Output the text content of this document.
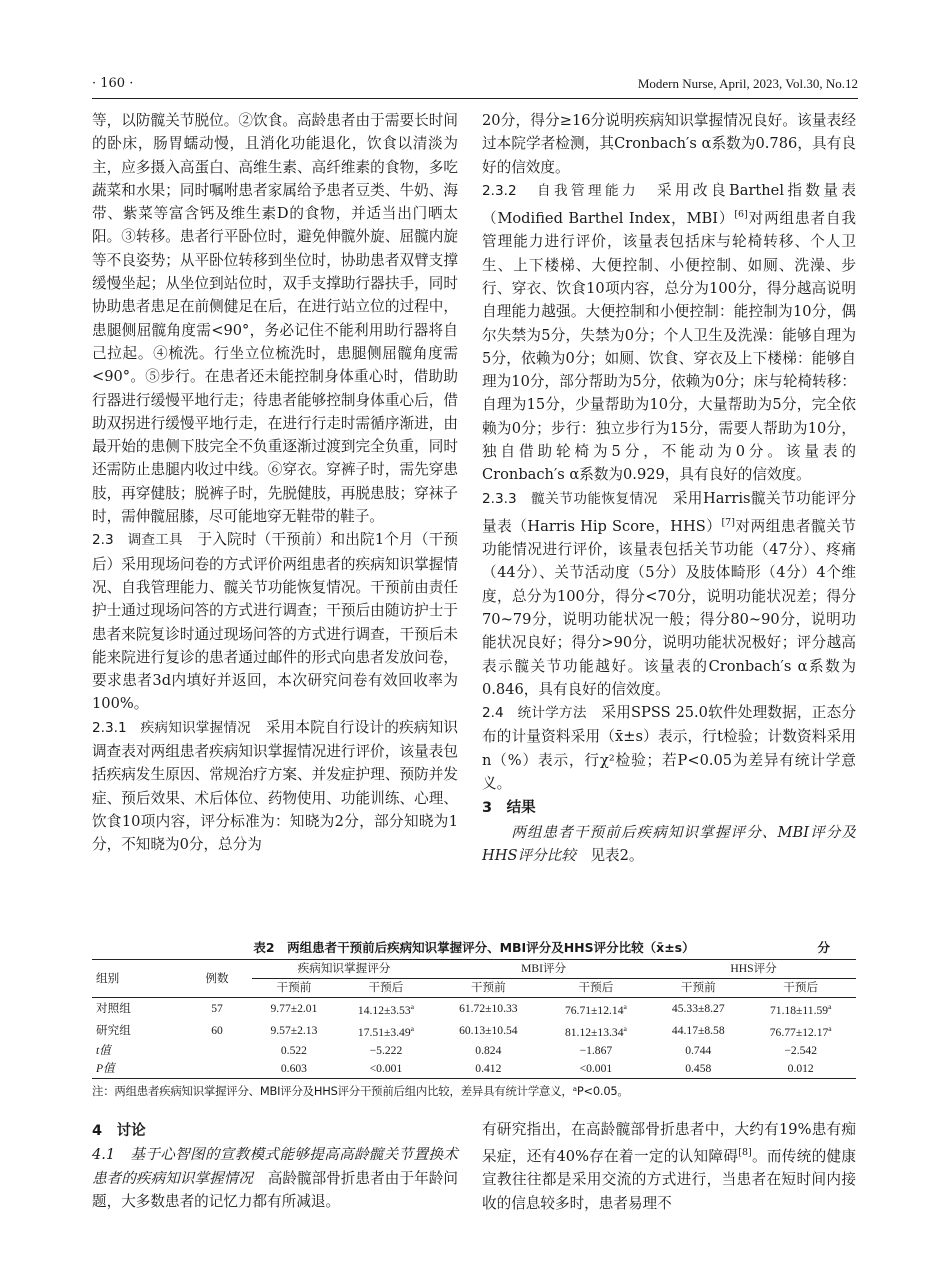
· 160 ·	Modern Nurse, April, 2023, Vol.30, No.12

等，以防髋关节脱位。②饮食。高龄患者由于需要长时间的卧床，肠胃蠕动慢，且消化功能退化，饮食以清淡为主，应多摄入高蛋白、高维生素、高纤维素的食物，多吃蔬菜和水果；同时嘱咐患者家属给予患者豆类、牛奶、海带、紫菜等富含钙及维生素D的食物，并适当出门晒太阳。③转移。患者行平卧位时，避免伸髋外旋、屈髋内旋等不良姿势；从平卧位转移到坐位时，协助患者双臂支撑缓慢坐起；从坐位到站位时，双手支撑助行器扶手，同时协助患者患足在前侧健足在后，在进行站立位的过程中，患腿侧屈髋角度需<90°，务必记住不能利用助行器将自己拉起。④梳洗。行坐立位梳洗时，患腿侧屈髋角度需<90°。⑤步行。在患者还未能控制身体重心时，借助助行器进行缓慢平地行走；待患者能够控制身体重心后，借助双拐进行缓慢平地行走，在进行行走时需循序渐进，由最开始的患侧下肢完全不负重逐渐过渡到完全负重，同时还需防止患腿内收过中线。⑥穿衣。穿裤子时，需先穿患肢，再穿健肢；脱裤子时，先脱健肢，再脱患肢；穿袜子时，需伸髋屈膝，尽可能地穿无鞋带的鞋子。

2.3　调查工具　 于入院时（干预前）和出院1个月（干预后）采用现场问卷的方式评价两组患者的疾病知识掌握情况、自我管理能力、髋关节功能恢复情况。干预前由责任护士通过现场问答的方式进行调查；干预后由随访护士于患者来院复诊时通过现场问答的方式进行调查，干预后未能来院进行复诊的患者通过邮件的形式向患者发放问卷，要求患者3d内填好并返回，本次研究问卷有效回收率为100%。

2.3.1　疾病知识掌握情况　 采用本院自行设计的疾病知识调查表对两组患者疾病知识掌握情况进行评价，该量表包括疾病发生原因、常规治疗方案、并发症护理、预防并发症、预后效果、术后体位、药物使用、功能训练、心理、饮食10项内容，评分标准为：知晓为2分，部分知晓为1分，不知晓为0分，总分为

20分，得分≥16分说明疾病知识掌握情况良好。该量表经过本院学者检测，其Cronbach′s α系数为0.786，具有良好的信效度。

2.3.2　自我管理能力　 采用改良Barthel指数量表（Modified Barthel Index，MBI）[6]对两组患者自我管理能力进行评价，该量表包括床与轮椅转移、个人卫生、上下楼梯、大便控制、小便控制、如厕、洗澡、步行、穿衣、饮食10项内容，总分为100分，得分越高说明自理能力越强。大便控制和小便控制：能控制为10分，偶尔失禁为5分，失禁为0分；个人卫生及洗澡：能够自理为5分，依赖为0分；如厕、饮食、穿衣及上下楼梯：能够自理为10分，部分帮助为5分，依赖为0分；床与轮椅转移：自理为15分，少量帮助为10分，大量帮助为5分，完全依赖为0分；步行：独立步行为15分，需要人帮助为10分，独自借助轮椅为5分，不能动为0分。该量表的Cronbach′s α系数为0.929，具有良好的信效度。

2.3.3　髋关节功能恢复情况　 采用Harris髋关节功能评分量表（Harris Hip Score，HHS）[7]对两组患者髋关节功能情况进行评价，该量表包括关节功能（47分）、疼痛（44分）、关节活动度（5分）及肢体畸形（4分）4个维度，总分为100分，得分<70分，说明功能状况差；得分70~79分，说明功能状况一般；得分80~90分，说明功能状况良好；得分>90分，说明功能状况极好；评分越高表示髋关节功能越好。该量表的Cronbach′s α系数为0.846，具有良好的信效度。

2.4　统计学方法　 采用SPSS 25.0软件处理数据，正态分布的计量资料采用（x̄±s）表示，行t检验；计数资料采用n（%）表示，行χ²检验；若P<0.05为差异有统计学意义。

3　结果

两组患者干预前后疾病知识掌握评分、MBI评分及HHS评分比较　 见表2。

表2　两组患者干预前后疾病知识掌握评分、MBI评分及HHS评分比较（x̄±s）	分
组别	例数	疾病知识掌握评分		MBI评分		HHS评分	
		干预前	干预后	干预前	干预后	干预前	干预后
对照组	57	9.77±2.01	14.12±3.53$^a$	61.72±10.33	76.71±12.14$^a$	45.33±8.27	71.18±11.59$^a$
研究组	60	9.57±2.13	17.51±3.49$^a$	60.13±10.54	81.12±13.34$^a$	44.17±8.58	76.77±12.17$^a$
t值		0.522	−5.222	0.824	−1.867	0.744	−2.542
P值		0.603	<0.001	0.412	<0.001	0.458	0.012
注：两组患者疾病知识掌握评分、MBI评分及HHS评分干预前后组内比较，差异具有统计学意义，ᵃP<0.05。

4　讨论

4.1　基于心智图的宣教模式能够提高高龄髋关节置换术患者的疾病知识掌握情况　 高龄髋部骨折患者由于年龄问题，大多数患者的记忆力都有所减退。

有研究指出，在高龄髋部骨折患者中，大约有19%患有痴呆症，还有40%存在着一定的认知障碍[8]。而传统的健康宣教往往都是采用交流的方式进行，当患者在短时间内接收的信息较多时，患者易理不
